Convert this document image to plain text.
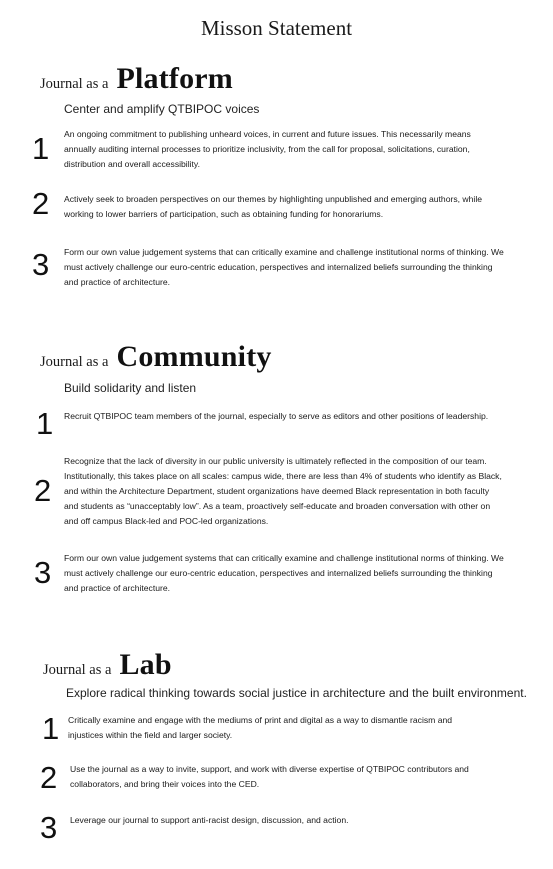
Misson Statement
Journal as a Platform
Center and amplify QTBIPOC voices
1 An ongoing commitment to publishing unheard voices, in current and future issues. This necessarily means annually auditing internal processes to prioritize inclusivity, from the call for proposal, solicitations, curation, distribution and overall accessibility.
2 Actively seek to broaden perspectives on our themes by highlighting unpublished and emerging authors, while working to lower barriers of participation, such as obtaining funding for honorariums.
3 Form our own value judgement systems that can critically examine and challenge institutional norms of thinking. We must actively challenge our euro-centric education, perspectives and internalized beliefs surrounding the thinking and practice of architecture.
Journal as a Community
Build solidarity and listen
1 Recruit QTBIPOC team members of the journal, especially to serve as editors and other positions of leadership.
2
Recognize that the lack of diversity in our public university is ultimately reflected in the composition of our team. Institutionally, this takes place on all scales: campus wide, there are less than 4% of students who identify as Black, and within the Architecture Department, student organizations have deemed Black representation in both faculty and students as “unacceptably low”. As a team, proactively self-educate and broaden conversation with other on and off campus Black-led and POC-led organizations.
3 Form our own value judgement systems that can critically examine and challenge institutional norms of thinking. We must actively challenge our euro-centric education, perspectives and internalized beliefs surrounding the thinking and practice of architecture.
Journal as a Lab
Explore radical thinking towards social justice in architecture and the built environment.
1 Critically examine and engage with the mediums of print and digital as a way to dismantle racism and injustices within the field and larger society.
2 Use the journal as a way to invite, support, and work with diverse expertise of QTBIPOC contributors and collaborators, and bring their voices into the CED.
3 Leverage our journal to support anti-racist design, discussion, and action.
